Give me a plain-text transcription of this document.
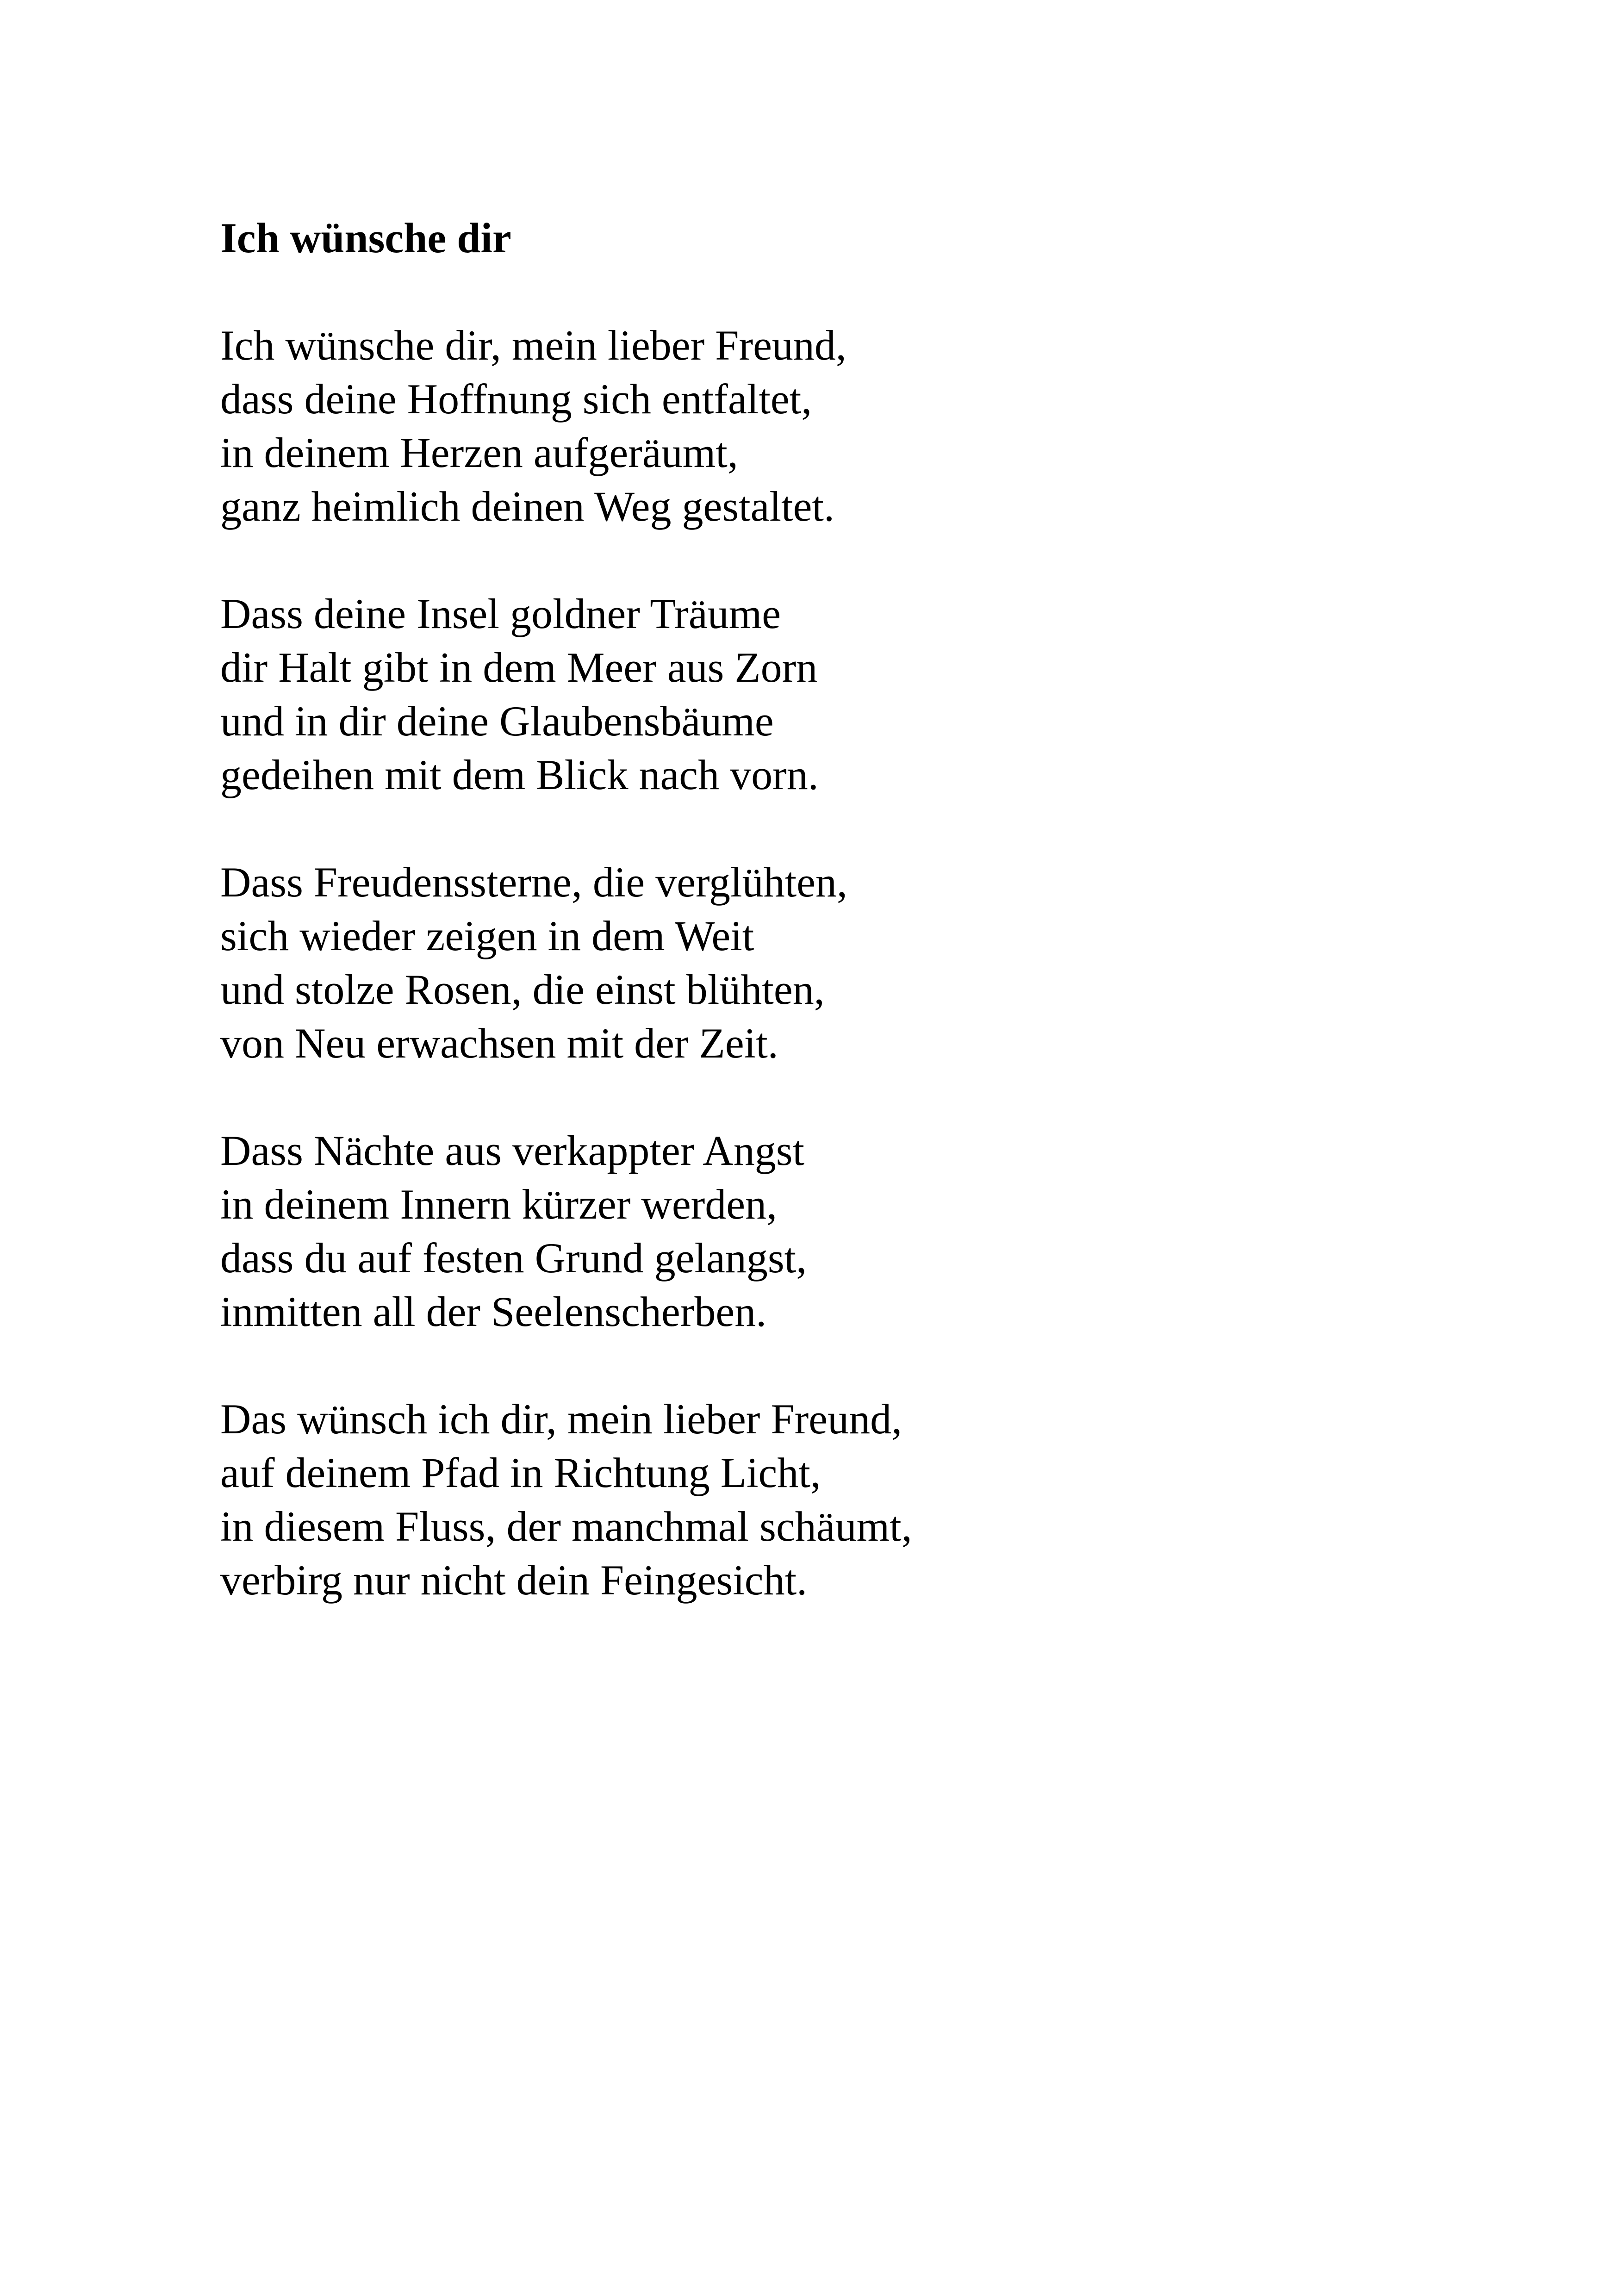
Ich wünsche dir
Ich wünsche dir, mein lieber Freund,
dass deine Hoffnung sich entfaltet,
in deinem Herzen aufgeräumt,
ganz heimlich deinen Weg gestaltet.
Dass deine Insel goldner Träume
dir Halt gibt in dem Meer aus Zorn
und in dir deine Glaubensbäume
gedeihen mit dem Blick nach vorn.
Dass Freudenssterne, die verglühten,
sich wieder zeigen in dem Weit
und stolze Rosen, die einst blühten,
von Neu erwachsen mit der Zeit.
Dass Nächte aus verkappter Angst
in deinem Innern kürzer werden,
dass du auf festen Grund gelangst,
inmitten all der Seelenscherben.
Das wünsch ich dir, mein lieber Freund,
auf deinem Pfad in Richtung Licht,
in diesem Fluss, der manchmal schäumt,
verbirg nur nicht dein Feingesicht.
